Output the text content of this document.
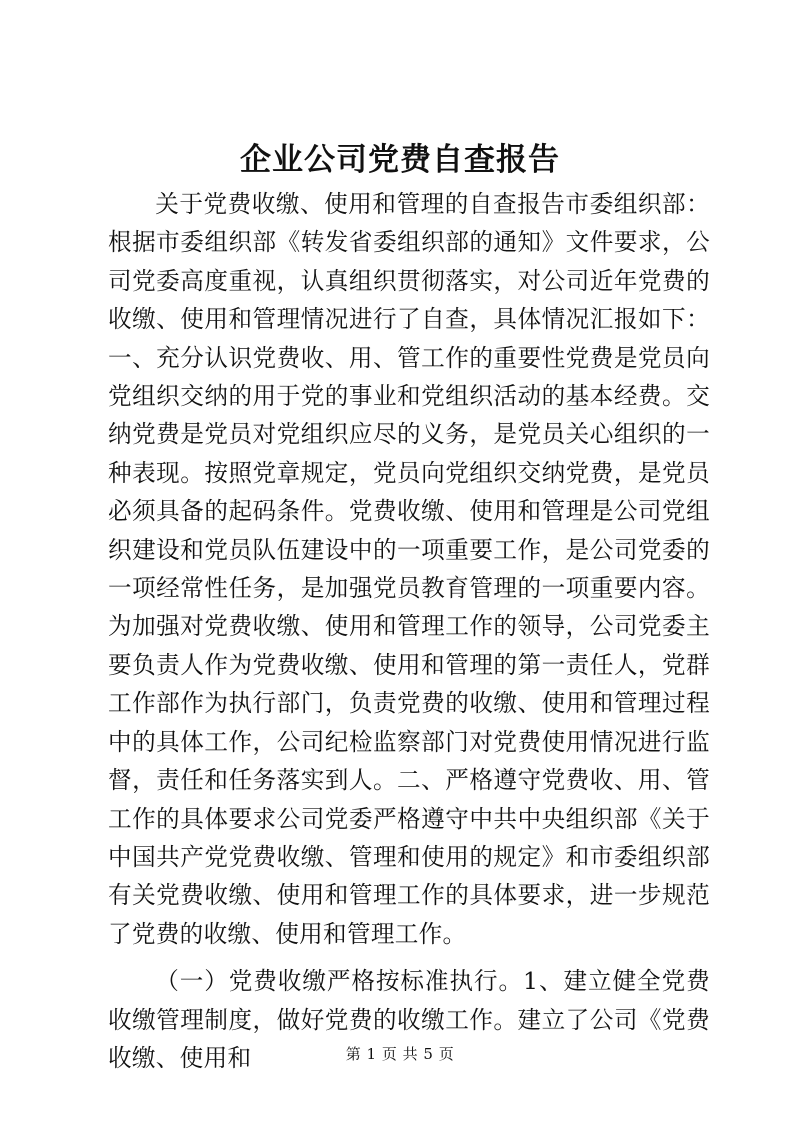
企业公司党费自查报告

关于党费收缴、使用和管理的自查报告市委组织部：根据市委组织部《转发省委组织部的通知》文件要求，公司党委高度重视，认真组织贯彻落实，对公司近年党费的收缴、使用和管理情况进行了自查，具体情况汇报如下：一、充分认识党费收、用、管工作的重要性党费是党员向党组织交纳的用于党的事业和党组织活动的基本经费。交纳党费是党员对党组织应尽的义务，是党员关心组织的一种表现。按照党章规定，党员向党组织交纳党费，是党员必须具备的起码条件。党费收缴、使用和管理是公司党组织建设和党员队伍建设中的一项重要工作，是公司党委的一项经常性任务，是加强党员教育管理的一项重要内容。为加强对党费收缴、使用和管理工作的领导，公司党委主要负责人作为党费收缴、使用和管理的第一责任人，党群工作部作为执行部门，负责党费的收缴、使用和管理过程中的具体工作，公司纪检监察部门对党费使用情况进行监督，责任和任务落实到人。二、严格遵守党费收、用、管工作的具体要求公司党委严格遵守中共中央组织部《关于中国共产党党费收缴、管理和使用的规定》和市委组织部有关党费收缴、使用和管理工作的具体要求，进一步规范了党费的收缴、使用和管理工作。

（一）党费收缴严格按标准执行。1、建立健全党费收缴管理制度，做好党费的收缴工作。建立了公司《党费收缴、使用和	第 1 页 共 5 页
